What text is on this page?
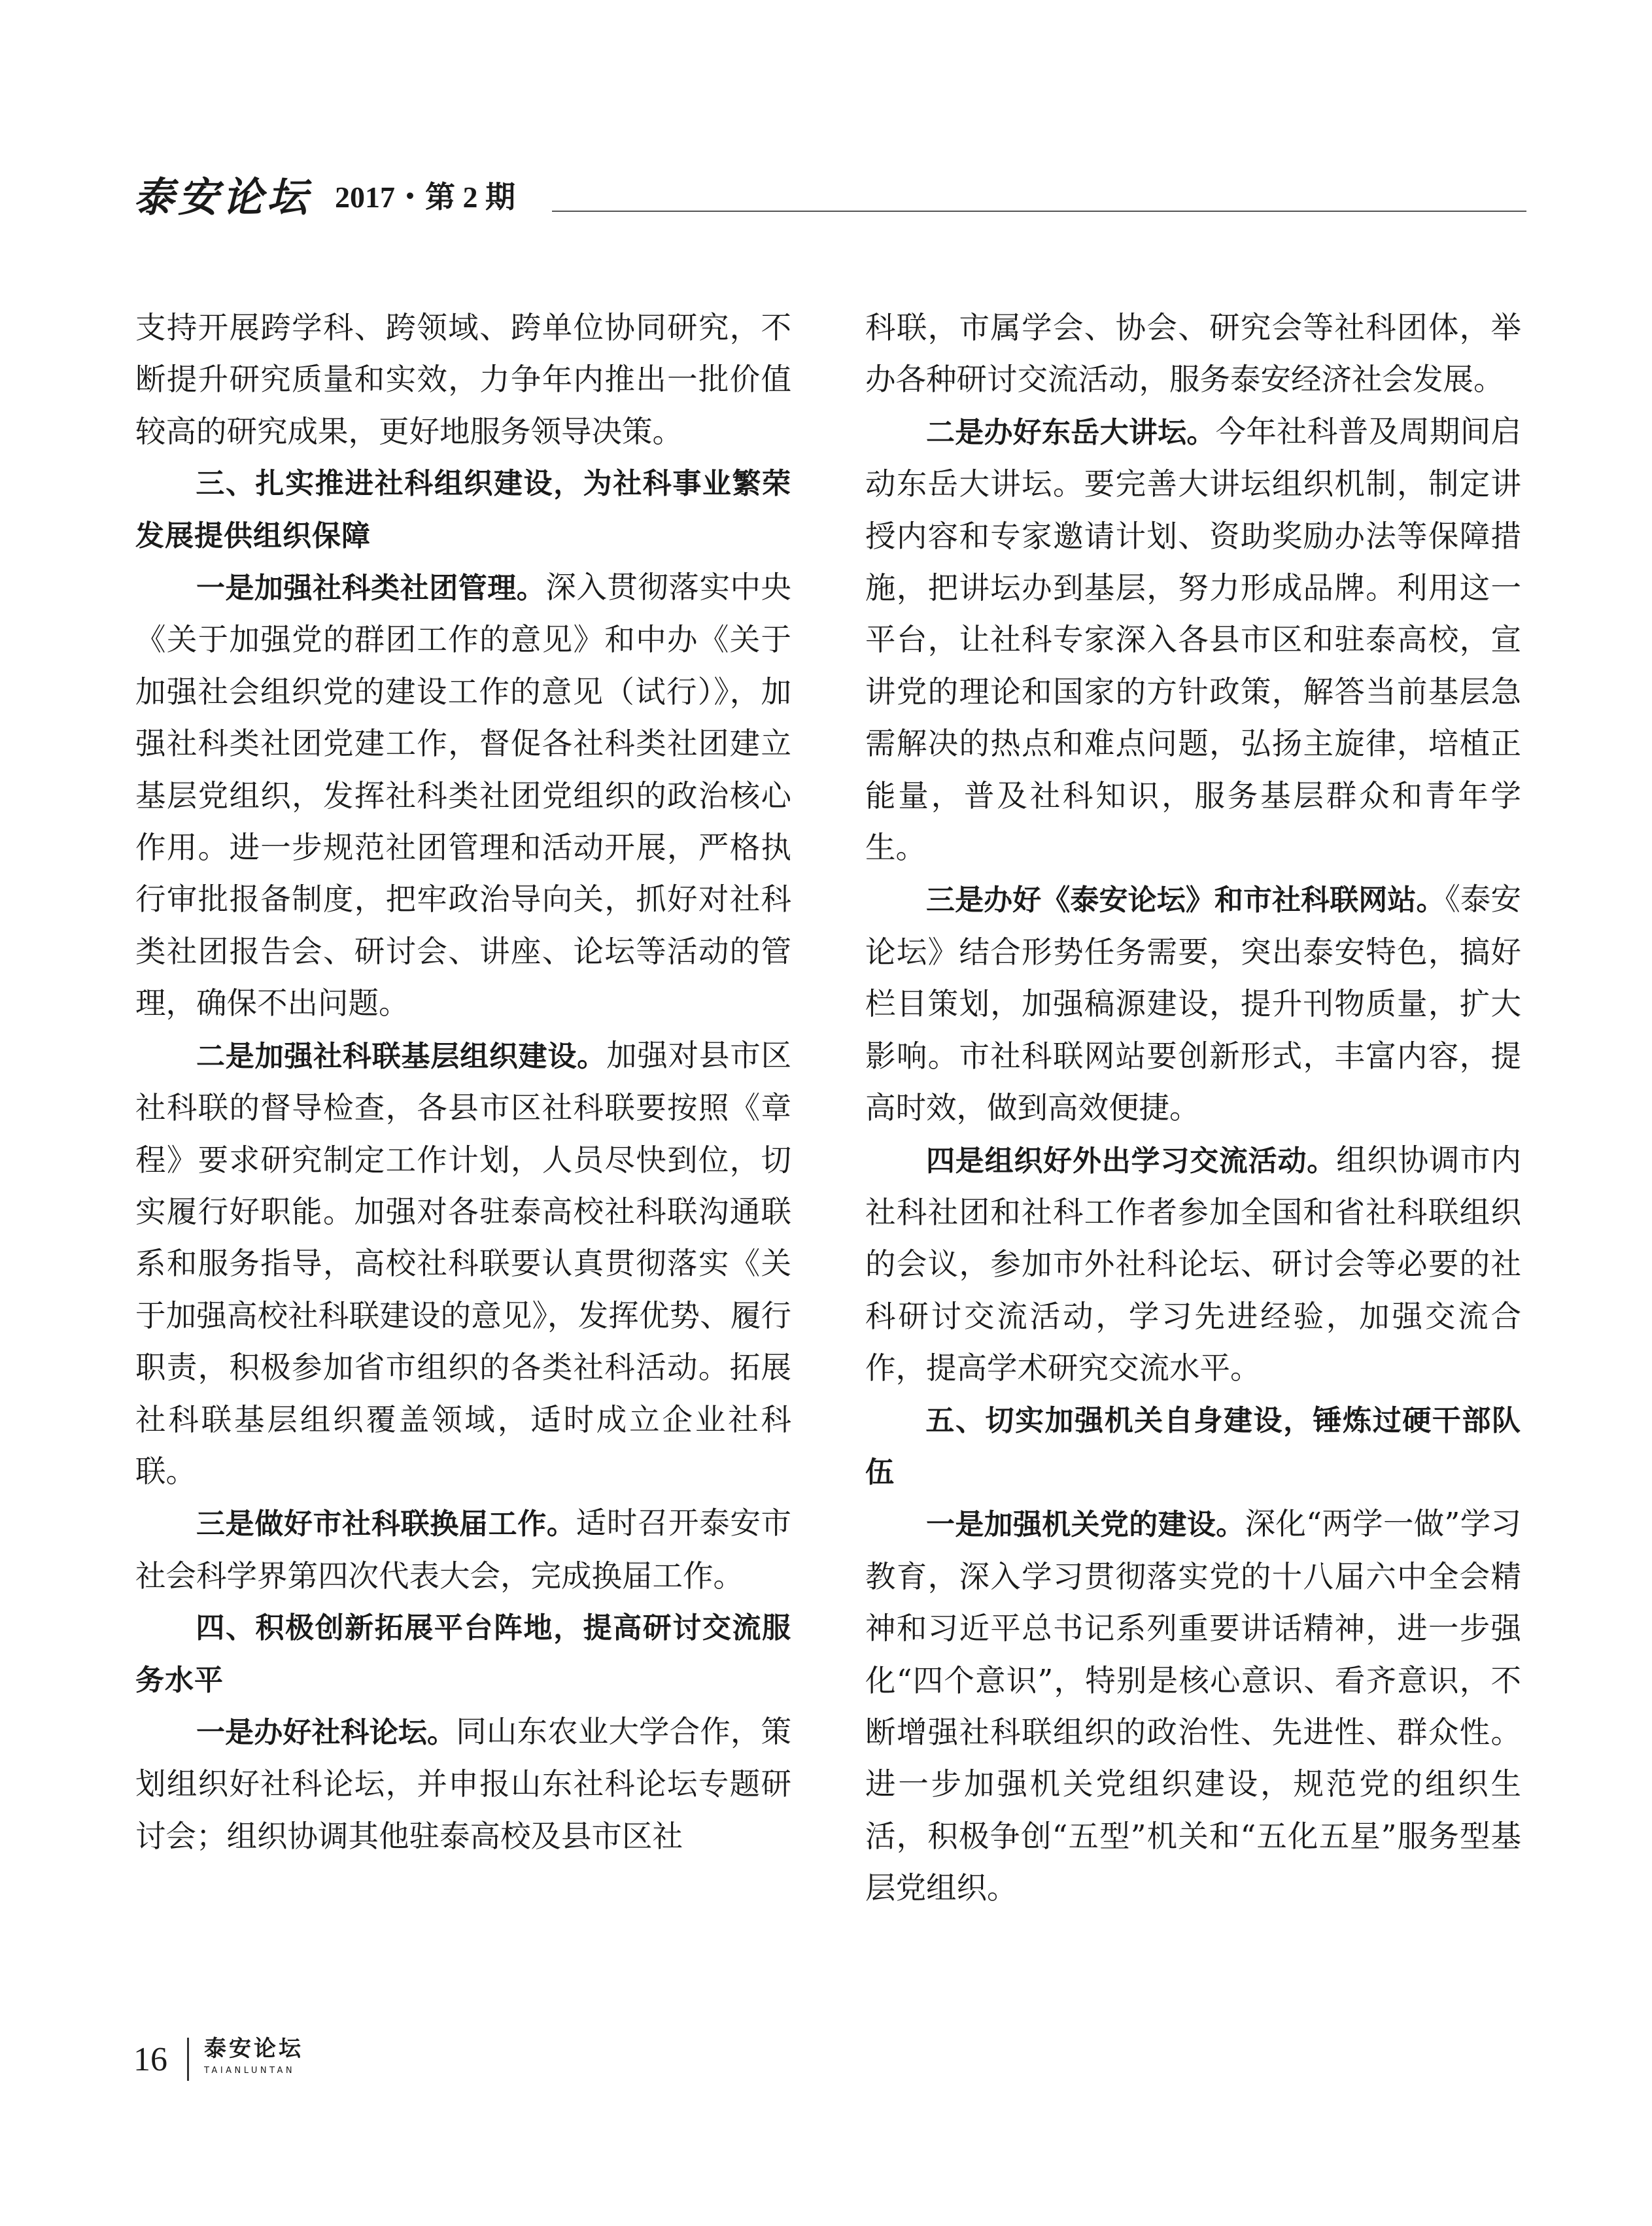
泰安论坛 2017・第 2 期

支持开展跨学科、跨领域、跨单位协同研究，不断提升研究质量和实效，力争年内推出一批价值较高的研究成果，更好地服务领导决策。

三、扎实推进社科组织建设，为社科事业繁荣发展提供组织保障

一是加强社科类社团管理。深入贯彻落实中央《关于加强党的群团工作的意见》和中办《关于加强社会组织党的建设工作的意见（试行）》，加强社科类社团党建工作，督促各社科类社团建立基层党组织，发挥社科类社团党组织的政治核心作用。进一步规范社团管理和活动开展，严格执行审批报备制度，把牢政治导向关，抓好对社科类社团报告会、研讨会、讲座、论坛等活动的管理，确保不出问题。

二是加强社科联基层组织建设。加强对县市区社科联的督导检查，各县市区社科联要按照《章程》要求研究制定工作计划，人员尽快到位，切实履行好职能。加强对各驻泰高校社科联沟通联系和服务指导，高校社科联要认真贯彻落实《关于加强高校社科联建设的意见》，发挥优势、履行职责，积极参加省市组织的各类社科活动。拓展社科联基层组织覆盖领域，适时成立企业社科联。

三是做好市社科联换届工作。适时召开泰安市社会科学界第四次代表大会，完成换届工作。

四、积极创新拓展平台阵地，提高研讨交流服务水平

一是办好社科论坛。同山东农业大学合作，策划组织好社科论坛，并申报山东社科论坛专题研讨会；组织协调其他驻泰高校及县市区社

科联，市属学会、协会、研究会等社科团体，举办各种研讨交流活动，服务泰安经济社会发展。

二是办好东岳大讲坛。今年社科普及周期间启动东岳大讲坛。要完善大讲坛组织机制，制定讲授内容和专家邀请计划、资助奖励办法等保障措施，把讲坛办到基层，努力形成品牌。利用这一平台，让社科专家深入各县市区和驻泰高校，宣讲党的理论和国家的方针政策，解答当前基层急需解决的热点和难点问题，弘扬主旋律，培植正能量，普及社科知识，服务基层群众和青年学生。

三是办好《泰安论坛》和市社科联网站。《泰安论坛》结合形势任务需要，突出泰安特色，搞好栏目策划，加强稿源建设，提升刊物质量，扩大影响。市社科联网站要创新形式，丰富内容，提高时效，做到高效便捷。

四是组织好外出学习交流活动。组织协调市内社科社团和社科工作者参加全国和省社科联组织的会议，参加市外社科论坛、研讨会等必要的社科研讨交流活动，学习先进经验，加强交流合作，提高学术研究交流水平。

五、切实加强机关自身建设，锤炼过硬干部队伍

一是加强机关党的建设。深化“两学一做”学习教育，深入学习贯彻落实党的十八届六中全会精神和习近平总书记系列重要讲话精神，进一步强化“四个意识”，特别是核心意识、看齐意识，不断增强社科联组织的政治性、先进性、群众性。进一步加强机关党组织建设，规范党的组织生活，积极争创“五型”机关和“五化五星”服务型基层党组织。

16 泰安论坛
TAIANLUNTAN
